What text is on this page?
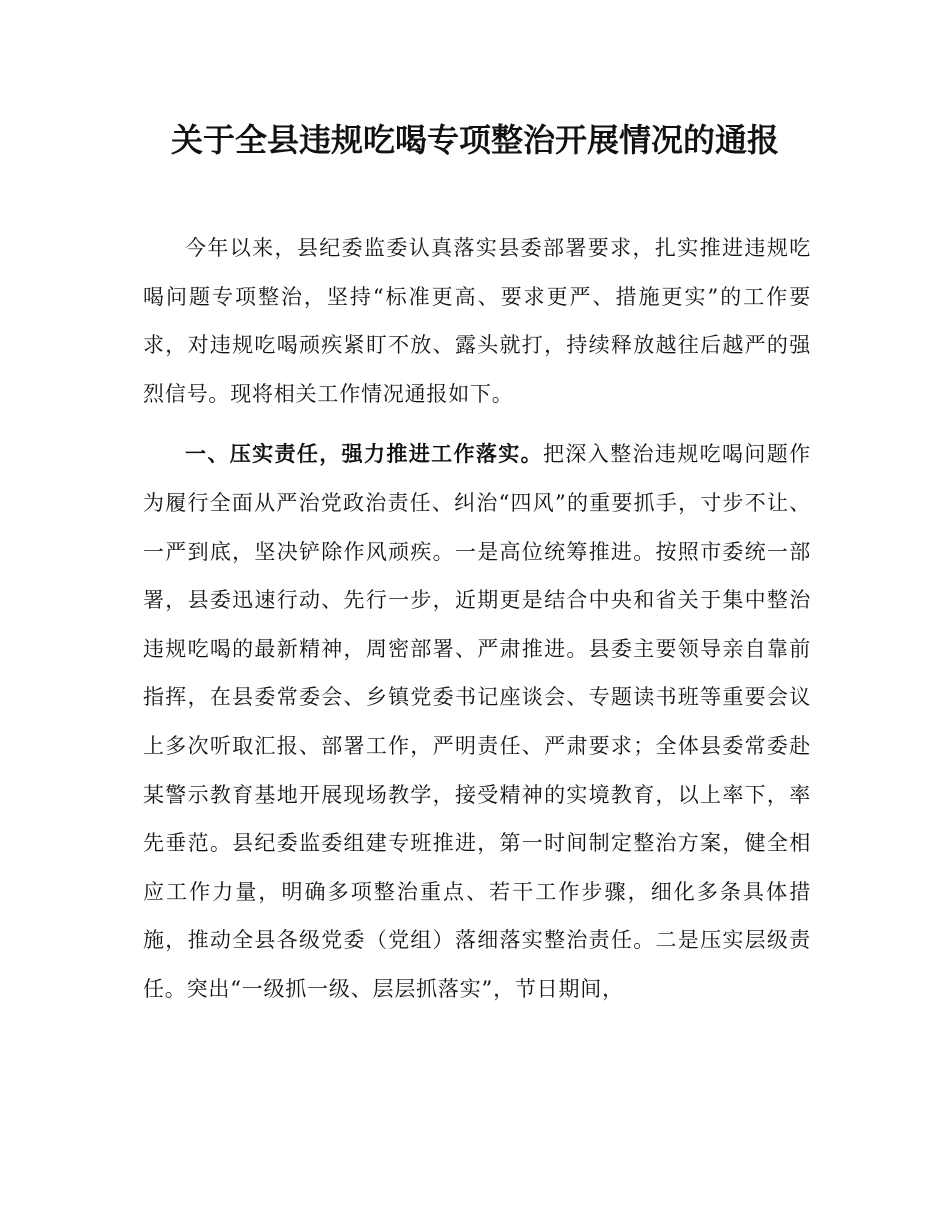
关于全县违规吃喝专项整治开展情况的通报

今年以来，县纪委监委认真落实县委部署要求，扎实推进违规吃喝问题专项整治，坚持“标准更高、要求更严、措施更实”的工作要求，对违规吃喝顽疾紧盯不放、露头就打，持续释放越往后越严的强烈信号。现将相关工作情况通报如下。

一、压实责任，强力推进工作落实。把深入整治违规吃喝问题作为履行全面从严治党政治责任、纠治“四风”的重要抓手，寸步不让、一严到底，坚决铲除作风顽疾。一是高位统筹推进。按照市委统一部署，县委迅速行动、先行一步，近期更是结合中央和省关于集中整治违规吃喝的最新精神，周密部署、严肃推进。县委主要领导亲自靠前指挥，在县委常委会、乡镇党委书记座谈会、专题读书班等重要会议上多次听取汇报、部署工作，严明责任、严肃要求；全体县委常委赴某警示教育基地开展现场教学，接受精神的实境教育，以上率下，率先垂范。县纪委监委组建专班推进，第一时间制定整治方案，健全相应工作力量，明确多项整治重点、若干工作步骤，细化多条具体措施，推动全县各级党委（党组）落细落实整治责任。二是压实层级责任。突出“一级抓一级、层层抓落实”，节日期间，
